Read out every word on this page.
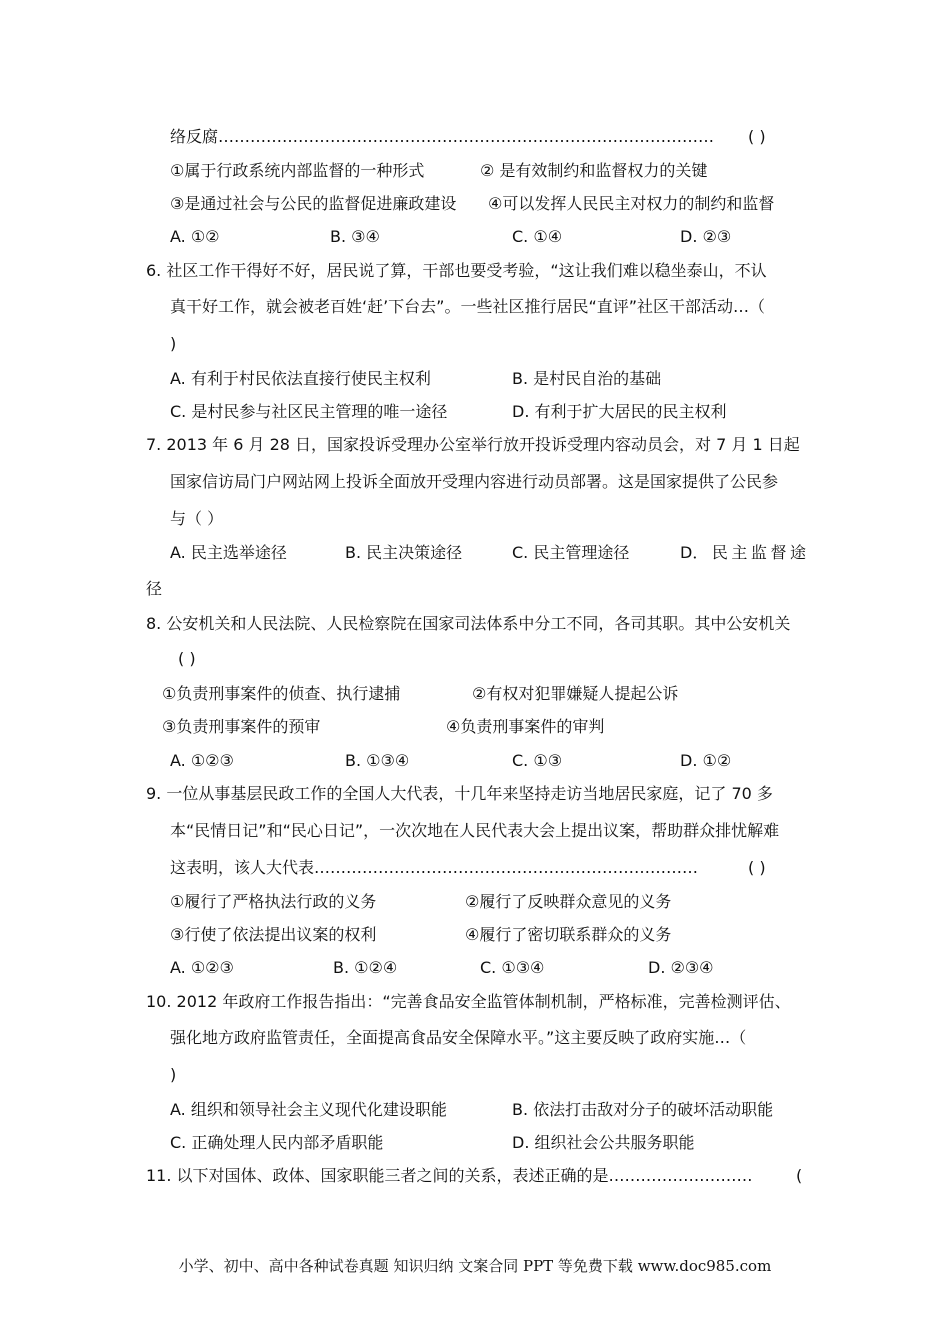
络反腐………………………………………………………………………………… ( )
①属于行政系统内部监督的一种形式	② 是有效制约和监督权力的关键
③是通过社会与公民的监督促进廉政建设 ④可以发挥人民民主对权力的制约和监督
A. ①②	B. ③④	C. ①④	D. ②③
6. 社区工作干得好不好，居民说了算，干部也要受考验，“这让我们难以稳坐泰山，不认
真干好工作，就会被老百姓‘赶’下台去”。一些社区推行居民“直评”社区干部活动…（
)
A. 有利于村民依法直接行使民主权利	B. 是村民自治的基础
C. 是村民参与社区民主管理的唯一途径	D. 有利于扩大居民的民主权利
7. 2013 年 6 月 28 日，国家投诉受理办公室举行放开投诉受理内容动员会，对 7 月 1 日起
国家信访局门户网站网上投诉全面放开受理内容进行动员部署。这是国家提供了公民参
与（ ）
A. 民主选举途径	B. 民主决策途径	C. 民主管理途径	D． 民 主 监 督 途
径
8. 公安机关和人民法院、人民检察院在国家司法体系中分工不同，各司其职。其中公安机关
( )
①负责刑事案件的侦查、执行逮捕	②有权对犯罪嫌疑人提起公诉
③负责刑事案件的预审	④负责刑事案件的审判
A. ①②③	B. ①③④	C. ①③	D. ①②
9. 一位从事基层民政工作的全国人大代表，十几年来坚持走访当地居民家庭，记了 70 多
本“民情日记”和“民心日记”，一次次地在人民代表大会上提出议案，帮助群众排忧解难
这表明，该人大代表………………………………………………………………	( )
①履行了严格执法行政的义务	②履行了反映群众意见的义务
③行使了依法提出议案的权利	④履行了密切联系群众的义务
A. ①②③	B. ①②④	C. ①③④	D. ②③④
10. 2012 年政府工作报告指出：“完善食品安全监管体制机制，严格标准，完善检测评估、
强化地方政府监管责任，全面提高食品安全保障水平。”这主要反映了政府实施…（
)
A. 组织和领导社会主义现代化建设职能	B. 依法打击敌对分子的破坏活动职能
C. 正确处理人民内部矛盾职能	D. 组织社会公共服务职能
11. 以下对国体、政体、国家职能三者之间的关系，表述正确的是………………………	(
小学、初中、高中各种试卷真题 知识归纳 文案合同 PPT 等免费下载 www.doc985.com
